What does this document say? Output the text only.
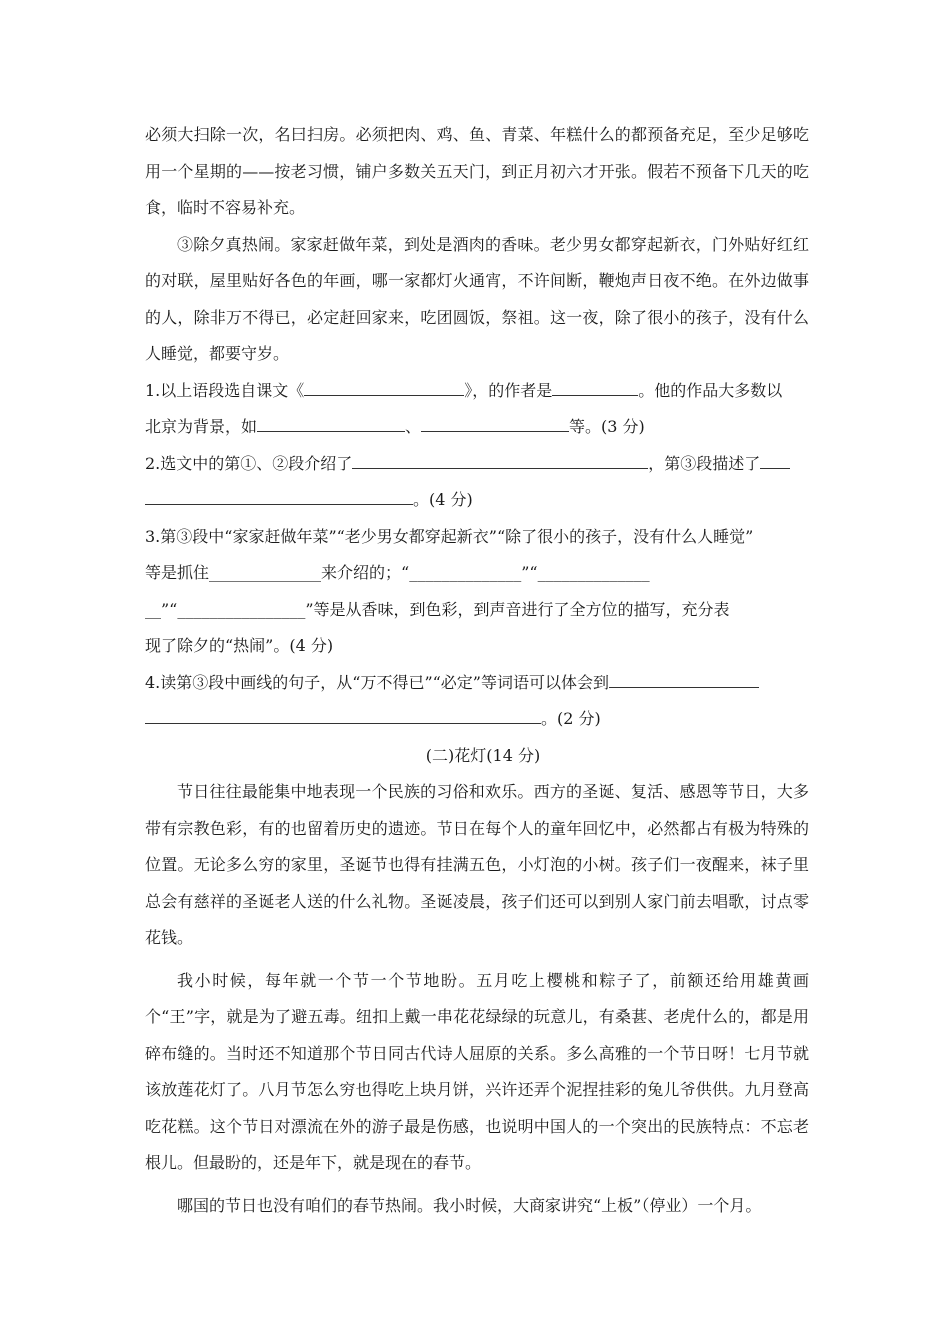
必须大扫除一次，名曰扫房。必须把肉、鸡、鱼、青菜、年糕什么的都预备充足，至少足够吃用一个星期的——按老习惯，铺户多数关五天门，到正月初六才开张。假若不预备下几天的吃食，临时不容易补充。

③除夕真热闹。家家赶做年菜，到处是酒肉的香味。老少男女都穿起新衣，门外贴好红红的对联，屋里贴好各色的年画，哪一家都灯火通宵，不许间断，鞭炮声日夜不绝。在外边做事的人，除非万不得已，必定赶回家来，吃团圆饭，祭祖。这一夜，除了很小的孩子，没有什么人睡觉，都要守岁。

1.以上语段选自课文《	》，的作者是	。他的作品大多数以
北京为背景，如	、	等。(3 分)
2.选文中的第①、②段介绍了	，第③段描述了
。(4 分)
3.第③段中“家家赶做年菜”“老少男女都穿起新衣”“除了很小的孩子，没有什么人睡觉”
等是抓住______________来介绍的；“______________”“______________
__”“________________”等是从香味，到色彩，到声音进行了全方位的描写，充分表
现了除夕的“热闹”。(4 分)
4.读第③段中画线的句子，从“万不得已”“必定”等词语可以体会到
。(2 分)

(二)花灯(14 分)

节日往往最能集中地表现一个民族的习俗和欢乐。西方的圣诞、复活、感恩等节日，大多带有宗教色彩，有的也留着历史的遗迹。节日在每个人的童年回忆中，必然都占有极为特殊的位置。无论多么穷的家里，圣诞节也得有挂满五色，小灯泡的小树。孩子们一夜醒来，袜子里总会有慈祥的圣诞老人送的什么礼物。圣诞凌晨，孩子们还可以到别人家门前去唱歌，讨点零花钱。

我小时候，每年就一个节一个节地盼。五月吃上樱桃和粽子了，前额还给用雄黄画个“王”字，就是为了避五毒。纽扣上戴一串花花绿绿的玩意儿，有桑葚、老虎什么的，都是用碎布缝的。当时还不知道那个节日同古代诗人屈原的关系。多么高雅的一个节日呀！七月节就该放莲花灯了。八月节怎么穷也得吃上块月饼，兴许还弄个泥捏挂彩的兔儿爷供供。九月登高吃花糕。这个节日对漂流在外的游子最是伤感，也说明中国人的一个突出的民族特点：不忘老根儿。但最盼的，还是年下，就是现在的春节。

哪国的节日也没有咱们的春节热闹。我小时候，大商家讲究“上板”（停业）一个月。
